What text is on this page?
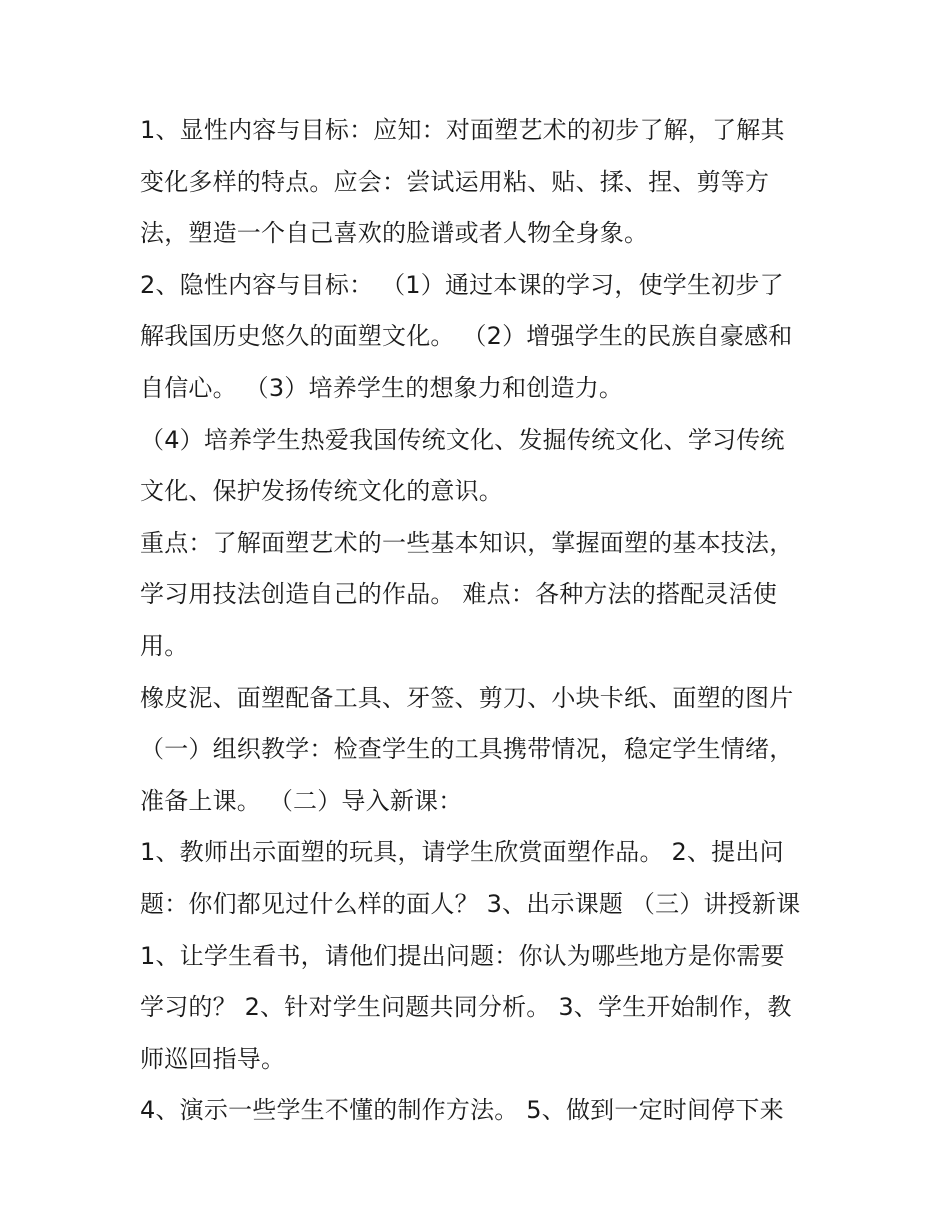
1、显性内容与目标：应知：对面塑艺术的初步了解，了解其
变化多样的特点。应会：尝试运用粘、贴、揉、捏、剪等方
法，塑造一个自己喜欢的脸谱或者人物全身象。
2、隐性内容与目标： （1）通过本课的学习，使学生初步了
解我国历史悠久的面塑文化。 （2）增强学生的民族自豪感和
自信心。 （3）培养学生的想象力和创造力。
（4）培养学生热爱我国传统文化、发掘传统文化、学习传统
文化、保护发扬传统文化的意识。
重点：了解面塑艺术的一些基本知识，掌握面塑的基本技法，
学习用技法创造自己的作品。 难点：各种方法的搭配灵活使
用。
橡皮泥、面塑配备工具、牙签、剪刀、小块卡纸、面塑的图片
（一）组织教学：检查学生的工具携带情况，稳定学生情绪，
准备上课。 （二）导入新课：
1、教师出示面塑的玩具，请学生欣赏面塑作品。 2、提出问
题：你们都见过什么样的面人？ 3、出示课题 （三）讲授新课
1、让学生看书，请他们提出问题：你认为哪些地方是你需要
学习的？ 2、针对学生问题共同分析。 3、学生开始制作，教
师巡回指导。
4、演示一些学生不懂的制作方法。 5、做到一定时间停下来
